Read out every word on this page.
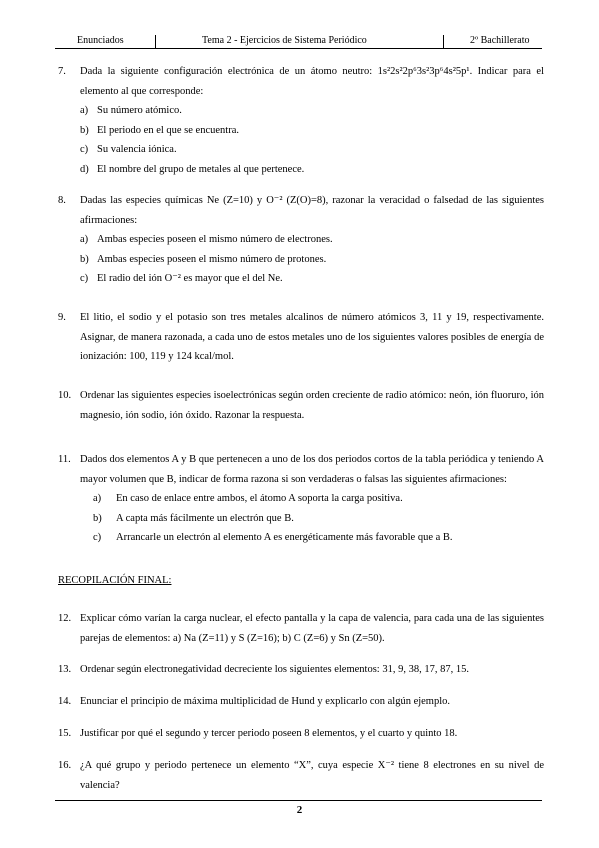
Enunciados	Tema 2 - Ejercicios de Sistema Periódico	2º Bachillerato
7. Dada la siguiente configuración electrónica de un átomo neutro: 1s²2s²2p⁶3s²3p⁶4s²5p¹. Indicar para el elemento al que corresponde:
a) Su número atómico.
b) El periodo en el que se encuentra.
c) Su valencia iónica.
d) El nombre del grupo de metales al que pertenece.
8. Dadas las especies químicas Ne (Z=10) y O⁻² (Z(O)=8), razonar la veracidad o falsedad de las siguientes afirmaciones:
a) Ambas especies poseen el mismo número de electrones.
b) Ambas especies poseen el mismo número de protones.
c) El radio del ión O⁻² es mayor que el del Ne.
9. El litio, el sodio y el potasio son tres metales alcalinos de número atómicos 3, 11 y 19, respectivamente. Asignar, de manera razonada, a cada uno de estos metales uno de los siguientes valores posibles de energía de ionización: 100, 119 y 124 kcal/mol.
10. Ordenar las siguientes especies isoelectrónicas según orden creciente de radio atómico: neón, ión fluoruro, ión magnesio, ión sodio, ión óxido. Razonar la respuesta.
11. Dados dos elementos A y B que pertenecen a uno de los dos periodos cortos de la tabla periódica y teniendo A mayor volumen que B, indicar de forma razona si son verdaderas o falsas las siguientes afirmaciones:
a) En caso de enlace entre ambos, el átomo A soporta la carga positiva.
b) A capta más fácilmente un electrón que B.
c) Arrancarle un electrón al elemento A es energéticamente más favorable que a B.
RECOPILACIÓN FINAL:
12. Explicar cómo varían la carga nuclear, el efecto pantalla y la capa de valencia, para cada una de las siguientes parejas de elementos: a) Na (Z=11) y S (Z=16); b) C (Z=6) y Sn (Z=50).
13. Ordenar según electronegatividad decreciente los siguientes elementos: 31, 9, 38, 17, 87, 15.
14. Enunciar el principio de máxima multiplicidad de Hund y explicarlo con algún ejemplo.
15. Justificar por qué el segundo y tercer periodo poseen 8 elementos, y el cuarto y quinto 18.
16. ¿A qué grupo y periodo pertenece un elemento “X”, cuya especie X⁻² tiene 8 electrones en su nivel de valencia?
2
